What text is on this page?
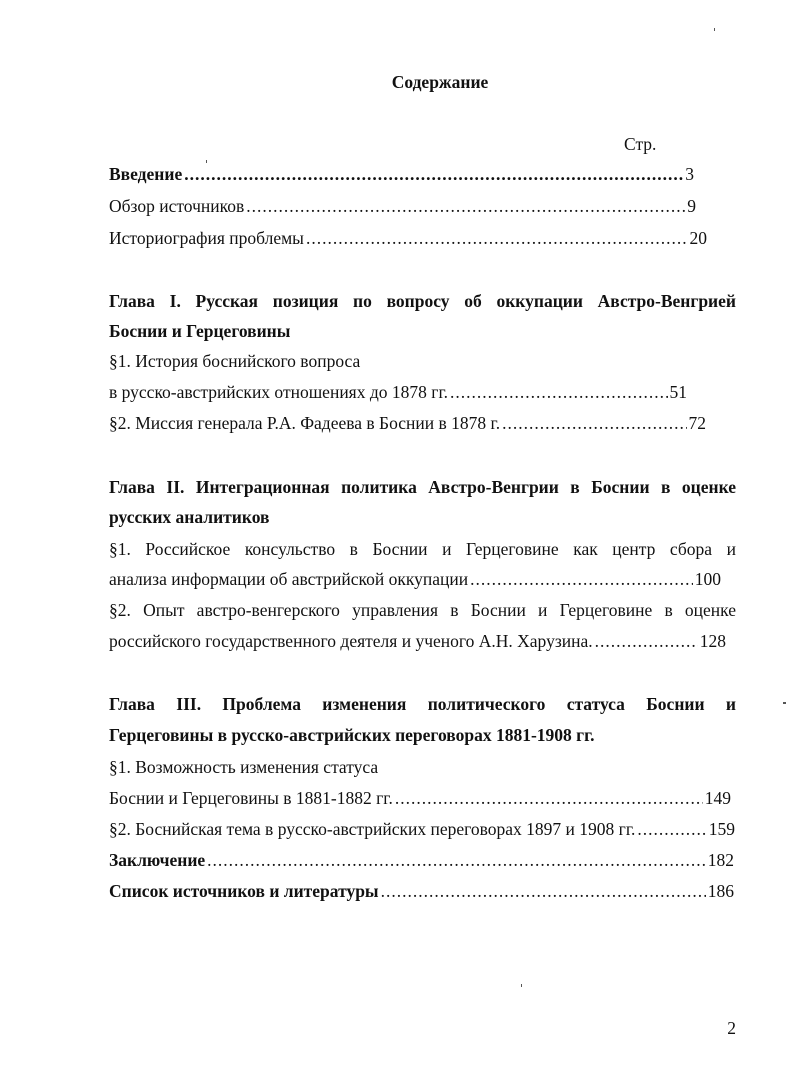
Содержание
Стр.
Введение .....	3
Обзор источников .....	9
Историография проблемы .....	20
Глава I. Русская позиция по вопросу об оккупации Австро-Венгрией
Боснии и Герцеговины
§1. История боснийского вопроса
в русско-австрийских отношениях до 1878 гг. .....	51
§2. Миссия генерала Р.А. Фадеева в Боснии в 1878 г. .....	72
Глава II. Интеграционная политика Австро-Венгрии в Боснии в оценке
русских аналитиков
§1. Российское консульство в Боснии и Герцеговине как центр сбора и
анализа информации об австрийской оккупации .....	100
§2. Опыт австро-венгерского управления в Боснии и Герцеговине в оценке
российского государственного деятеля и ученого А.Н. Харузина. .....	128
Глава III. Проблема изменения политического статуса Боснии и
Герцеговины в русско-австрийских переговорах 1881-1908 гг.
§1. Возможность изменения статуса
Боснии и Герцеговины в 1881-1882 гг. .....	149
§2. Боснийская тема в русско-австрийских переговорах 1897 и 1908 гг. .....	159
Заключение .....	182
Список источников и литературы .....	186
2
